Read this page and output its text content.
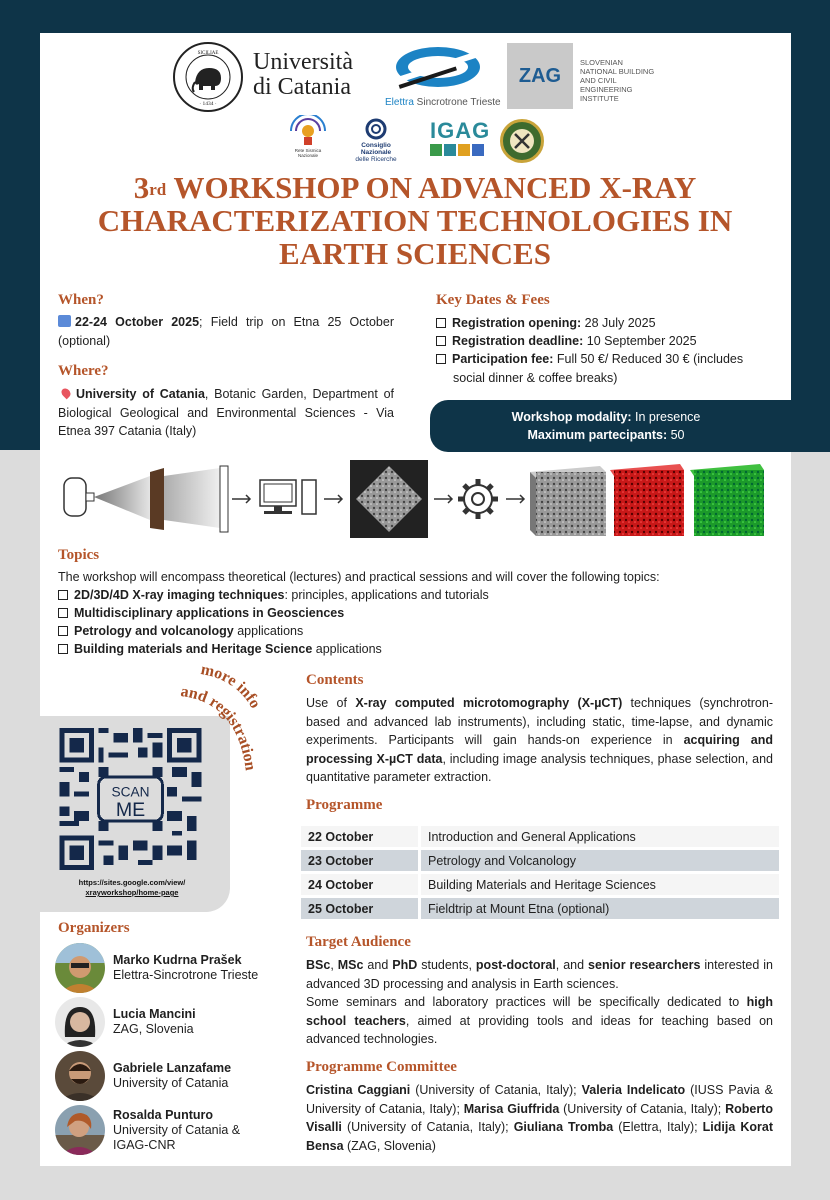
SICILIAE
· 1434 ·
Università
di Catania
Elettra Sincrotrone Trieste
ZAG
SLOVENIAN
NATIONAL BUILDING
AND CIVIL ENGINEERING
INSTITUTE
Rete Sismica Nazionale
Consiglio Nazionale
delle Ricerche
IGAG
3rd WORKSHOP ON ADVANCED X-RAY
CHARACTERIZATION TECHNOLOGIES IN
EARTH SCIENCES
When?
22-24 October 2025; Field trip on Etna 25 October (optional)
Where?
University of Catania, Botanic Garden, Department of Biological Geological and Environmental Sciences - Via Etnea 397 Catania (Italy)
Key Dates & Fees
Registration opening: 28 July 2025
Registration deadline: 10 September 2025
Participation fee: Full 50 €/ Reduced 30 € (includes social dinner & coffee breaks)
Workshop modality: In presence
Maximum partecipants: 50
Topics
The workshop will encompass theoretical (lectures) and practical sessions and will cover the following topics:
2D/3D/4D X-ray imaging techniques: principles, applications and tutorials
Multidisciplinary applications in Geosciences
Petrology and volcanology applications
Building materials and Heritage Science applications
more info
and registration
SCAN
ME
https://sites.google.com/view/
xrayworkshop/home-page
Contents
Use of X-ray computed microtomography (X-µCT) techniques (synchrotron-based and advanced lab instruments), including static, time-lapse, and dynamic experiments. Participants will gain hands-on experience in acquiring and processing X-µCT data, including image analysis techniques, phase selection, and quantitative parameter extraction.
Programme
22 October	Introduction and General Applications
23 October	Petrology and Volcanology
24 October	Building Materials and Heritage Sciences
25 October	Fieldtrip at Mount Etna (optional)
Target Audience
BSc, MSc and PhD students, post-doctoral, and senior researchers interested in advanced 3D processing and analysis in Earth sciences.
Some seminars and laboratory practices will be specifically dedicated to high school teachers, aimed at providing tools and ideas for teaching based on advanced technologies.
Programme Committee
Cristina Caggiani (University of Catania, Italy); Valeria Indelicato (IUSS Pavia & University of Catania, Italy); Marisa Giuffrida (University of Catania, Italy); Roberto Visalli (University of Catania, Italy); Giuliana Tromba (Elettra, Italy); Lidija Korat Bensa (ZAG, Slovenia)
Organizers
Marko Kudrna Prašek
Elettra-Sincrotrone Trieste
Lucia Mancini
ZAG, Slovenia
Gabriele Lanzafame
University of Catania
Rosalda Punturo
University of Catania &
IGAG-CNR
